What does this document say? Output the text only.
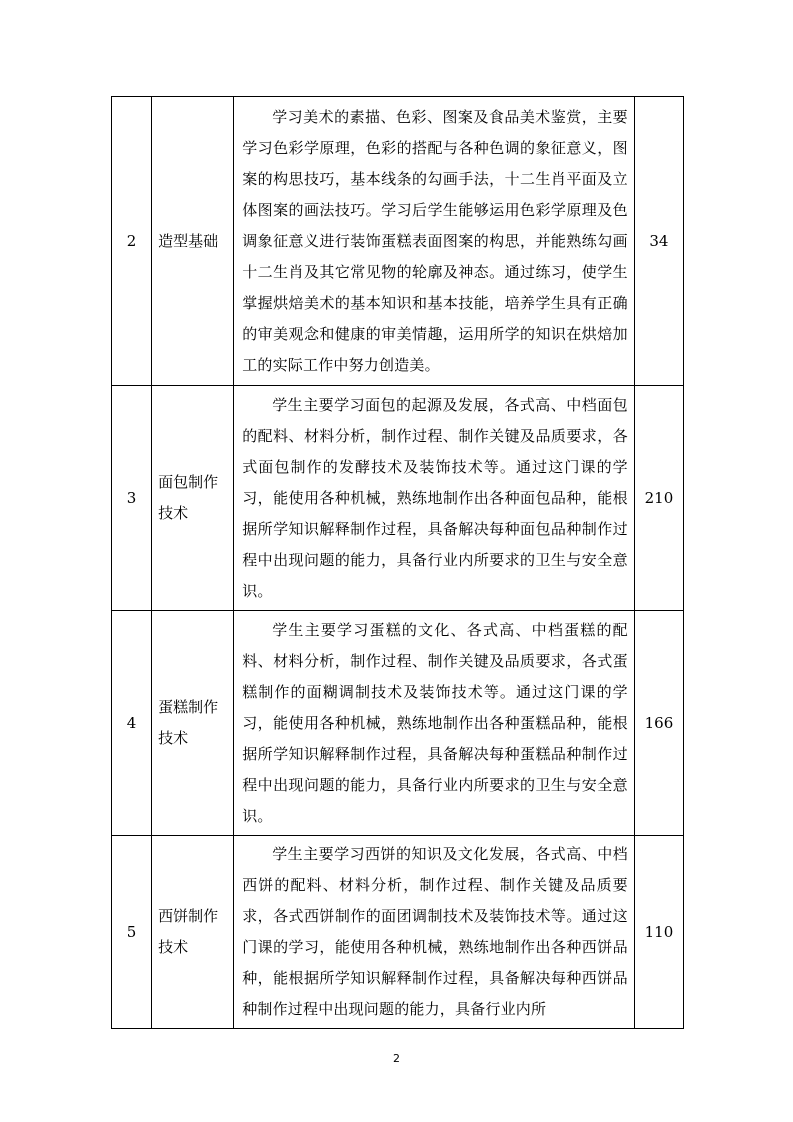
2	造型基础	学习美术的素描、色彩、图案及食品美术鉴赏，主要学习色彩学原理，色彩的搭配与各种色调的象征意义，图案的构思技巧，基本线条的勾画手法，十二生肖平面及立体图案的画法技巧。学习后学生能够运用色彩学原理及色调象征意义进行装饰蛋糕表面图案的构思，并能熟练勾画十二生肖及其它常见物的轮廓及神态。通过练习，使学生掌握烘焙美术的基本知识和基本技能，培养学生具有正确的审美观念和健康的审美情趣，运用所学的知识在烘焙加工的实际工作中努力创造美。	34
3	面包制作技术	学生主要学习面包的起源及发展，各式高、中档面包的配料、材料分析，制作过程、制作关键及品质要求，各式面包制作的发酵技术及装饰技术等。通过这门课的学习，能使用各种机械，熟练地制作出各种面包品种，能根据所学知识解释制作过程，具备解决每种面包品种制作过程中出现问题的能力，具备行业内所要求的卫生与安全意识。	210
4	蛋糕制作技术	学生主要学习蛋糕的文化、各式高、中档蛋糕的配料、材料分析，制作过程、制作关键及品质要求，各式蛋糕制作的面糊调制技术及装饰技术等。通过这门课的学习，能使用各种机械，熟练地制作出各种蛋糕品种，能根据所学知识解释制作过程，具备解决每种蛋糕品种制作过程中出现问题的能力，具备行业内所要求的卫生与安全意识。	166
5	西饼制作技术	学生主要学习西饼的知识及文化发展，各式高、中档西饼的配料、材料分析，制作过程、制作关键及品质要求，各式西饼制作的面团调制技术及装饰技术等。通过这门课的学习，能使用各种机械，熟练地制作出各种西饼品种，能根据所学知识解释制作过程，具备解决每种西饼品种制作过程中出现问题的能力，具备行业内所	110
2
